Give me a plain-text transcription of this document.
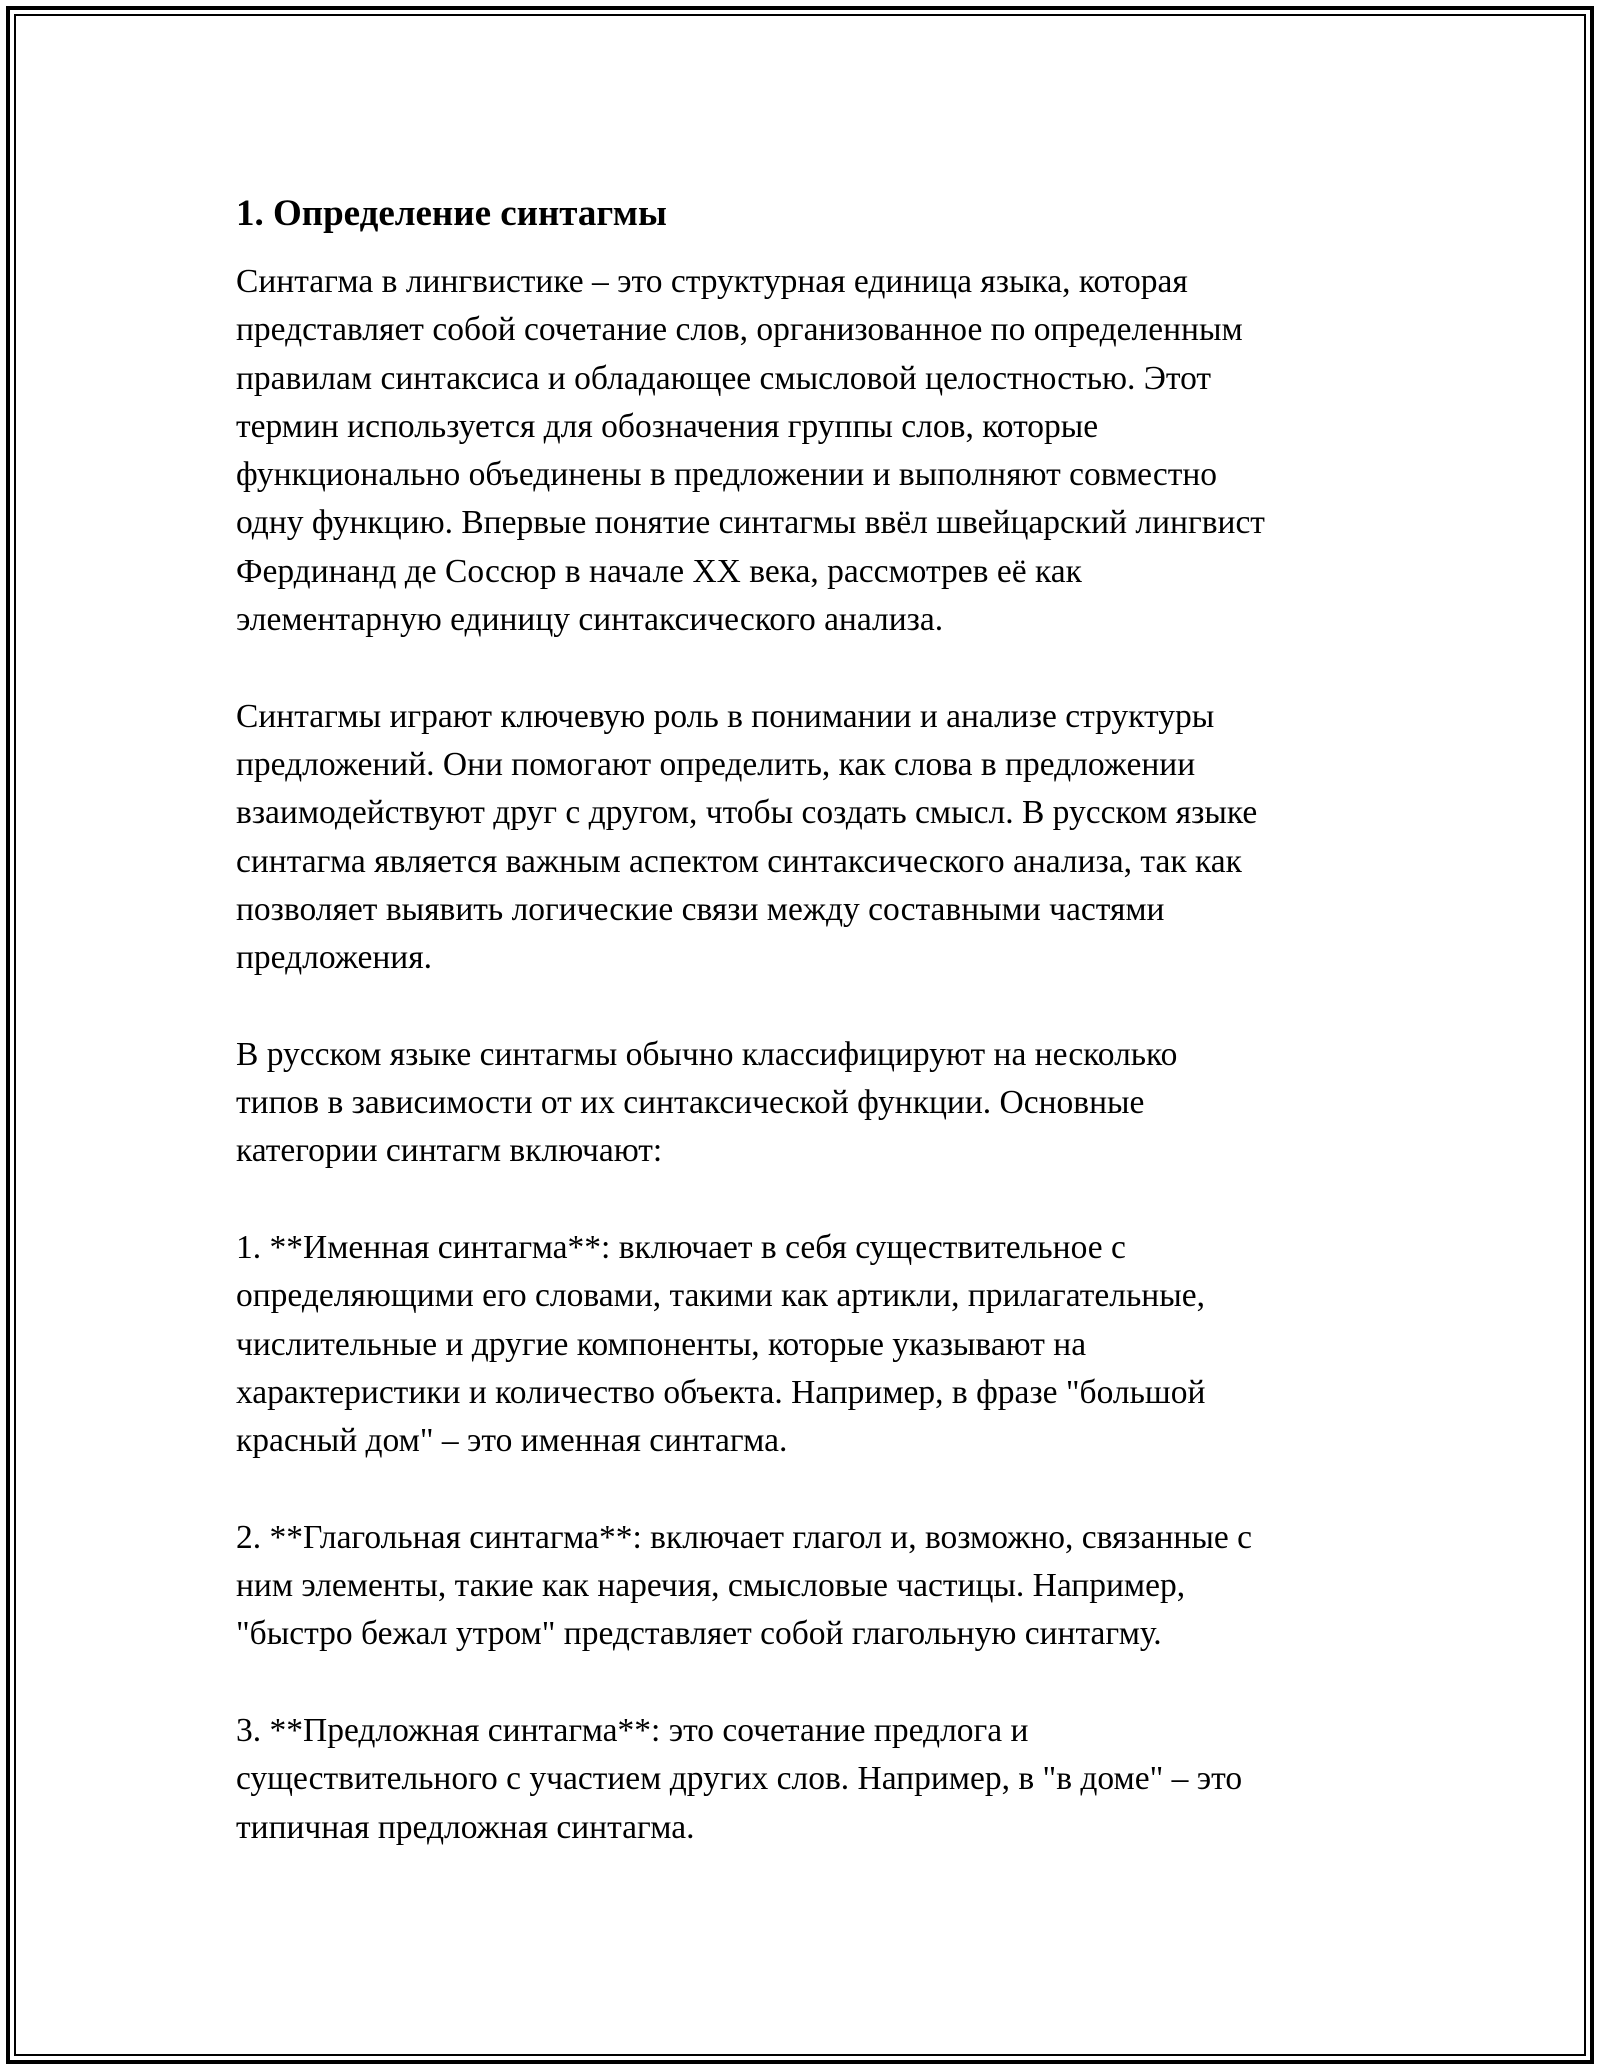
1. Определение синтагмы

Синтагма в лингвистике – это структурная единица языка, которая
представляет собой сочетание слов, организованное по определенным
правилам синтаксиса и обладающее смысловой целостностью. Этот
термин используется для обозначения группы слов, которые
функционально объединены в предложении и выполняют совместно
одну функцию. Впервые понятие синтагмы ввёл швейцарский лингвист
Фердинанд де Соссюр в начале XX века, рассмотрев её как
элементарную единицу синтаксического анализа.

Синтагмы играют ключевую роль в понимании и анализе структуры
предложений. Они помогают определить, как слова в предложении
взаимодействуют друг с другом, чтобы создать смысл. В русском языке
синтагма является важным аспектом синтаксического анализа, так как
позволяет выявить логические связи между составными частями
предложения.

В русском языке синтагмы обычно классифицируют на несколько
типов в зависимости от их синтаксической функции. Основные
категории синтагм включают:

1. **Именная синтагма**: включает в себя существительное с
определяющими его словами, такими как артикли, прилагательные,
числительные и другие компоненты, которые указывают на
характеристики и количество объекта. Например, в фразе "большой
красный дом" – это именная синтагма.

2. **Глагольная синтагма**: включает глагол и, возможно, связанные с
ним элементы, такие как наречия, смысловые частицы. Например,
"быстро бежал утром" представляет собой глагольную синтагму.

3. **Предложная синтагма**: это сочетание предлога и
существительного с участием других слов. Например, в "в доме" – это
типичная предложная синтагма.
